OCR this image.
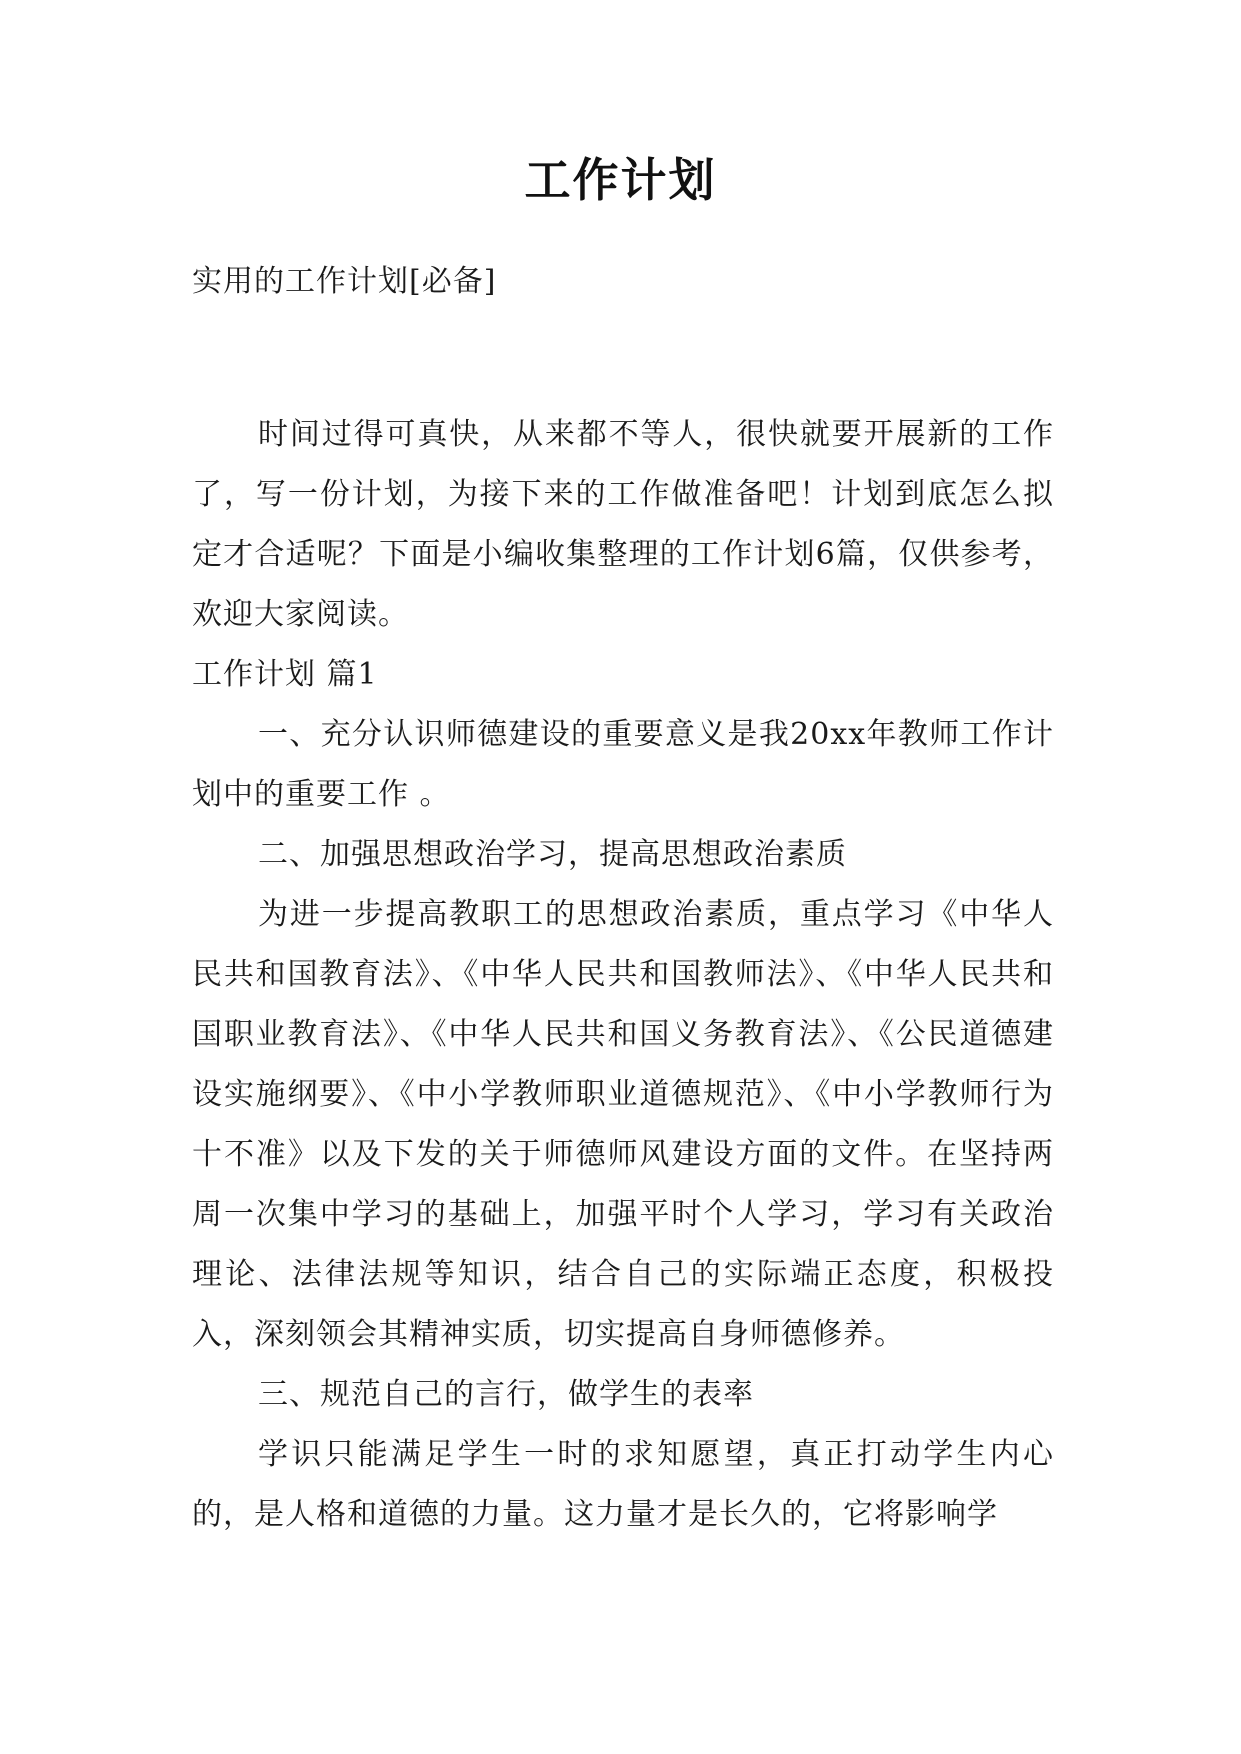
工作计划
实用的工作计划[必备]

时间过得可真快，从来都不等人，很快就要开展新的工作了，写一份计划，为接下来的工作做准备吧！计划到底怎么拟定才合适呢？下面是小编收集整理的工作计划6篇，仅供参考，欢迎大家阅读。

工作计划 篇1

一、充分认识师德建设的重要意义是我20xx年教师工作计划中的重要工作 。

二、加强思想政治学习，提高思想政治素质

为进一步提高教职工的思想政治素质，重点学习《中华人民共和国教育法》、《中华人民共和国教师法》、《中华人民共和国职业教育法》、《中华人民共和国义务教育法》、《公民道德建设实施纲要》、《中小学教师职业道德规范》、《中小学教师行为十不准》以及下发的关于师德师风建设方面的文件。在坚持两周一次集中学习的基础上，加强平时个人学习，学习有关政治理论、法律法规等知识，结合自己的实际端正态度，积极投入，深刻领会其精神实质，切实提高自身师德修养。

三、规范自己的言行，做学生的表率

学识只能满足学生一时的求知愿望，真正打动学生内心的，是人格和道德的力量。这力量才是长久的，它将影响学
